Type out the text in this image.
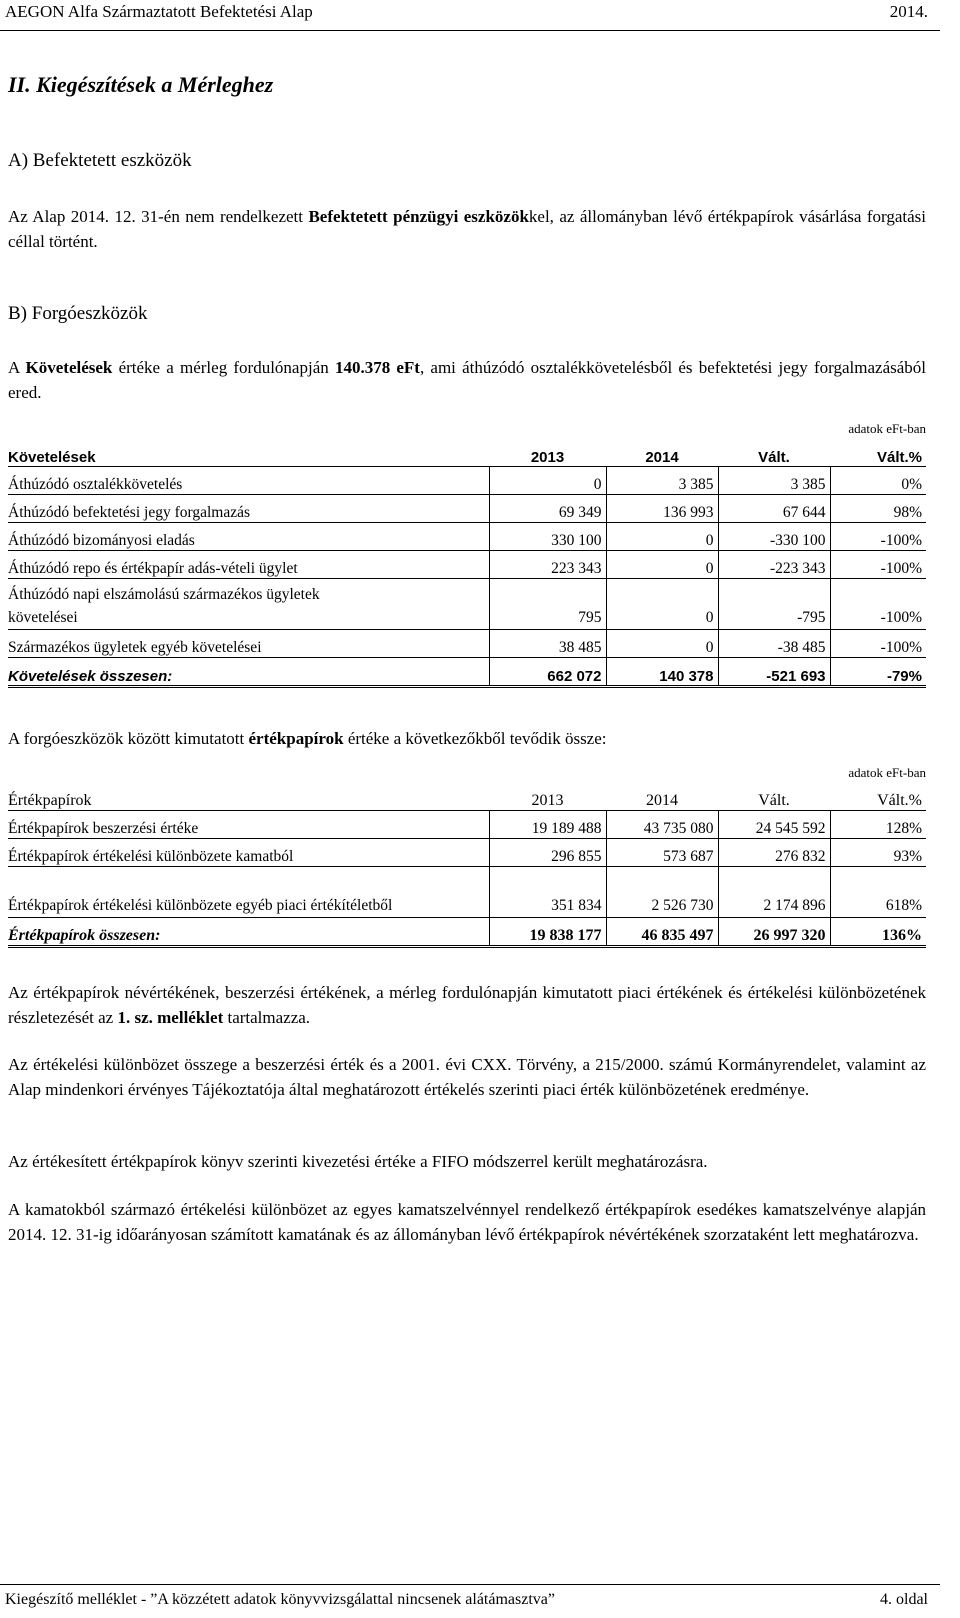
AEGON Alfa Származtatott Befektetési Alap	2014.
II. Kiegészítések a Mérleghez
A) Befektetett eszközök

Az Alap 2014. 12. 31-én nem rendelkezett Befektetett pénzügyi eszközökkel, az állományban lévő értékpapírok vásárlása forgatási céllal történt.

B) Forgóeszközök

A Követelések értéke a mérleg fordulónapján 140.378 eFt, ami áthúzódó osztalékkövetelésből és befektetési jegy forgalmazásából ered.

adatok eFt-ban
Követelések	2013	2014	Vált.	Vált.%
Áthúzódó osztalékkövetelés	0	3 385	3 385	0%
Áthúzódó befektetési jegy forgalmazás	69 349	136 993	67 644	98%
Áthúzódó bizományosi eladás	330 100	0	-330 100	-100%
Áthúzódó repo és értékpapír adás-vételi ügylet	223 343	0	-223 343	-100%
Áthúzódó napi elszámolású származékos ügyletek követelései	795	0	-795	-100%
Származékos ügyletek egyéb követelései	38 485	0	-38 485	-100%
Követelések összesen:	662 072	140 378	-521 693	-79%

A forgóeszközök között kimutatott értékpapírok értéke a következőkből tevődik össze:

adatok eFt-ban
Értékpapírok	2013	2014	Vált.	Vált.%
Értékpapírok beszerzési értéke	19 189 488	43 735 080	24 545 592	128%
Értékpapírok értékelési különbözete kamatból	296 855	573 687	276 832	93%
Értékpapírok értékelési különbözete egyéb piaci értékítéletből	351 834	2 526 730	2 174 896	618%
Értékpapírok összesen:	19 838 177	46 835 497	26 997 320	136%

Az értékpapírok névértékének, beszerzési értékének, a mérleg fordulónapján kimutatott piaci értékének és értékelési különbözetének részletezését az 1. sz. melléklet tartalmazza.

Az értékelési különbözet összege a beszerzési érték és a 2001. évi CXX. Törvény, a 215/2000. számú Kormányrendelet, valamint az Alap mindenkori érvényes Tájékoztatója által meghatározott értékelés szerinti piaci érték különbözetének eredménye.

Az értékesített értékpapírok könyv szerinti kivezetési értéke a FIFO módszerrel került meghatározásra.

A kamatokból származó értékelési különbözet az egyes kamatszelvénnyel rendelkező értékpapírok esedékes kamatszelvénye alapján 2014. 12. 31-ig időarányosan számított kamatának és az állományban lévő értékpapírok névértékének szorzataként lett meghatározva.

Kiegészítő melléklet - ”A közzétett adatok könyvvizsgálattal nincsenek alátámasztva”	4. oldal
